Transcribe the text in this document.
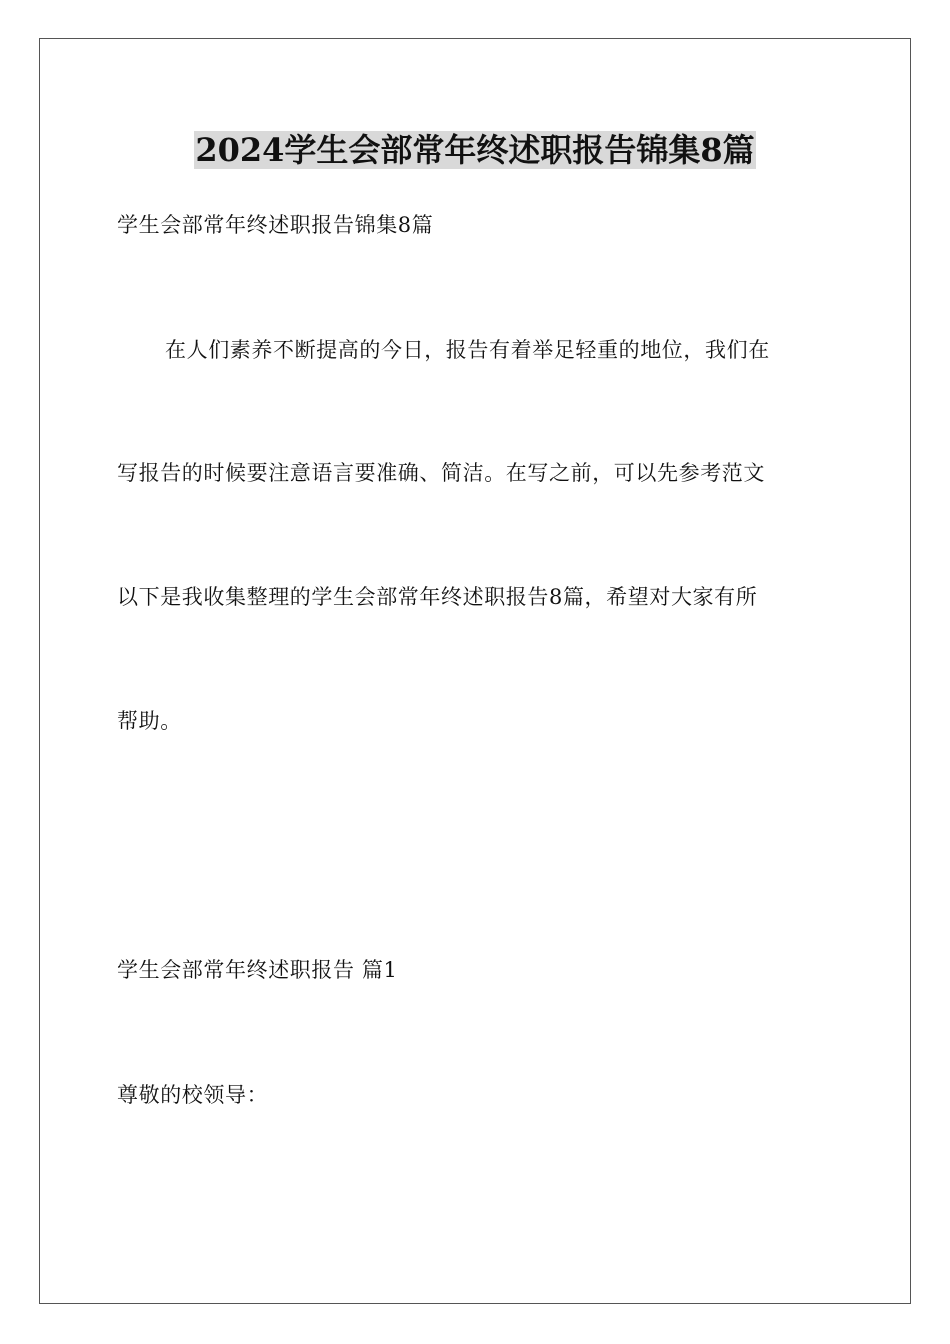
2024学生会部常年终述职报告锦集8篇

学生会部常年终述职报告锦集8篇

在人们素养不断提高的今日，报告有着举足轻重的地位，我们在

写报告的时候要注意语言要准确、简洁。在写之前，可以先参考范文

以下是我收集整理的学生会部常年终述职报告8篇，希望对大家有所

帮助。

学生会部常年终述职报告 篇1

尊敬的校领导：
